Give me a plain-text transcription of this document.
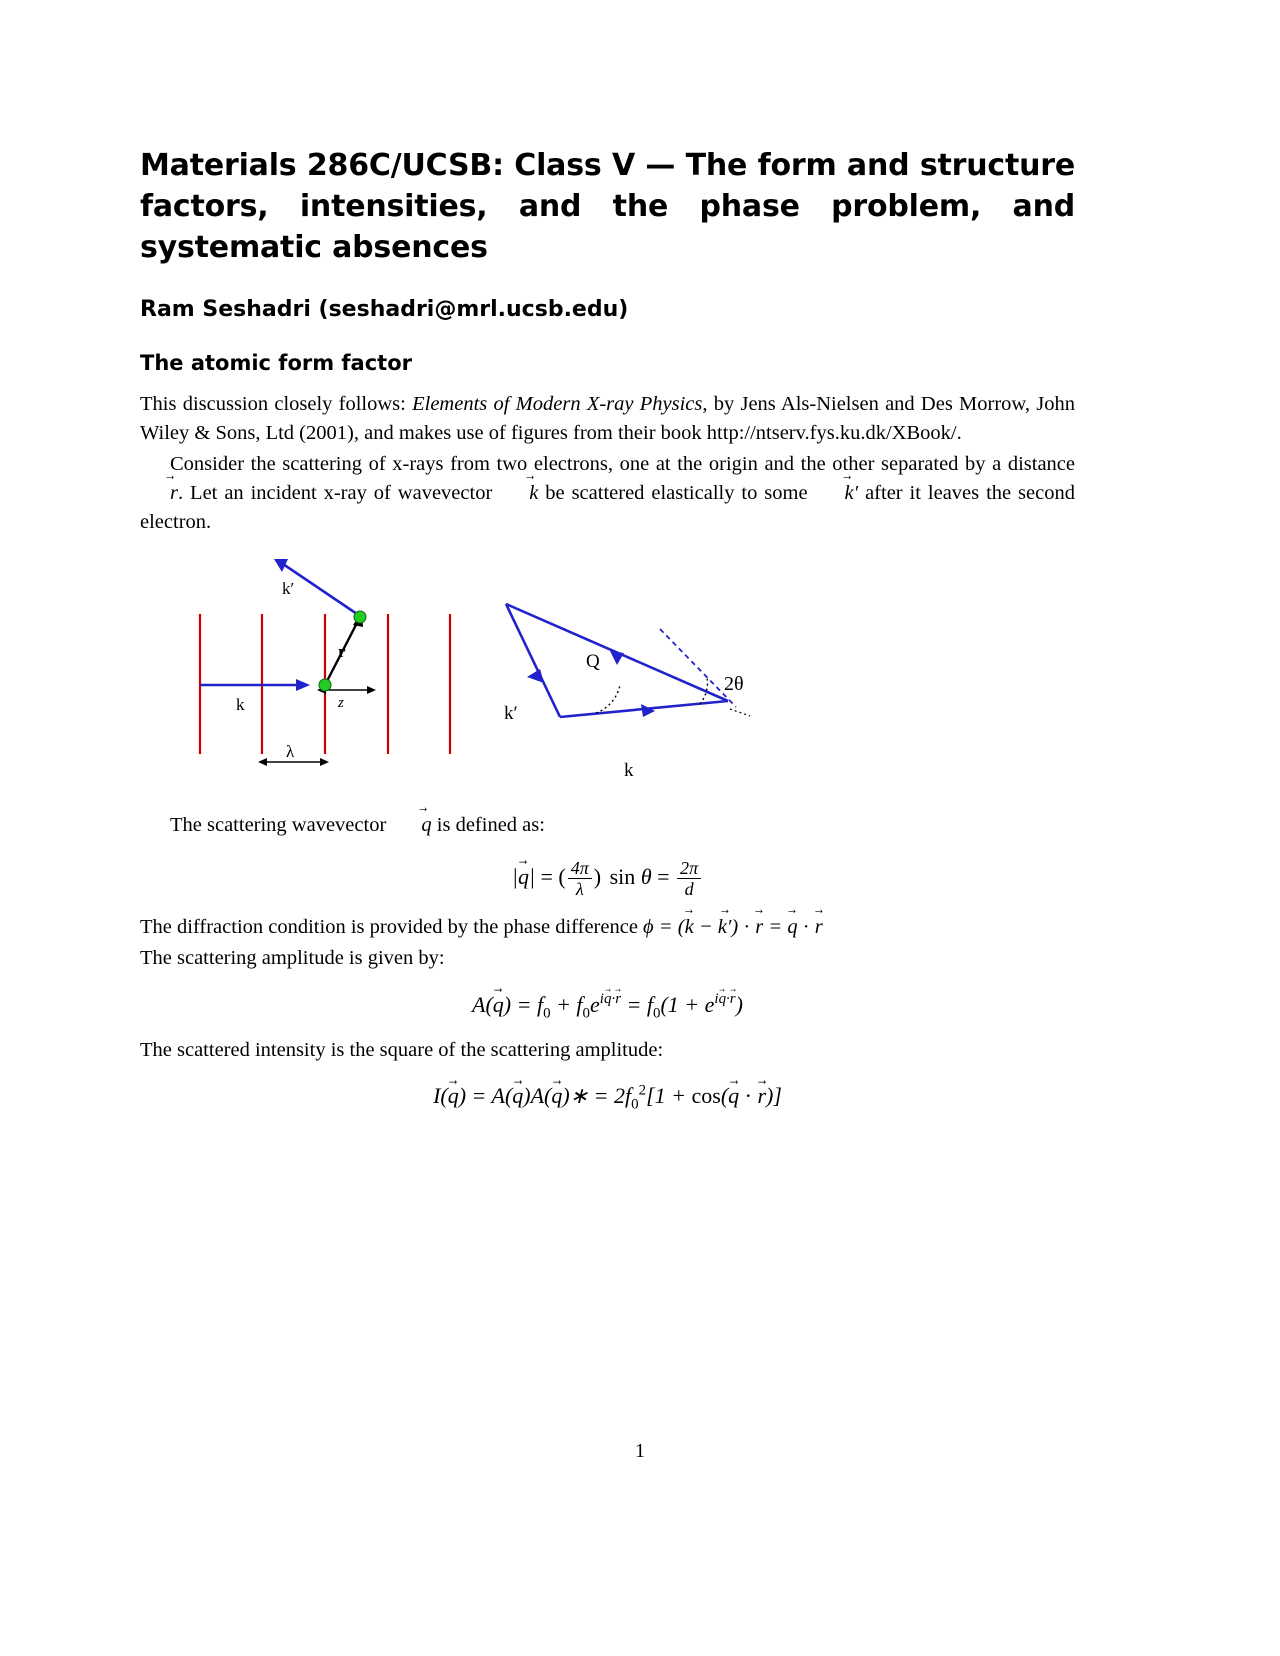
Materials 286C/UCSB: Class V — The form and structure factors, intensities, and the phase problem, and systematic absences
Ram Seshadri (seshadri@mrl.ucsb.edu)
The atomic form factor

This discussion closely follows: Elements of Modern X-ray Physics, by Jens Als-Nielsen and Des Morrow, John Wiley & Sons, Ltd (2001), and makes use of figures from their book http://ntserv.fys.ku.dk/XBook/.

Consider the scattering of x-rays from two electrons, one at the origin and the other separated by a distance r →. Let an incident x-ray of wavevector k → be scattered elastically to some k′ → after it leaves the second electron.

k′
k
r
z
λ
Q
k′
k
2θ

The scattering wavevector q → is defined as:

|q →| = ( $\frac{4\pi}{\lambda}$ ) $\sin \theta = \frac{2\pi}{d}$

The diffraction condition is provided by the phase difference ϕ = (k → − k′ →) · r → = q → · r →

The scattering amplitude is given by:

A(q →) = $f_0 + f_0e^{iq \to\cdot r}$ → = $f_0(1 + e^{iq \to\cdot r}$ →)

The scattered intensity is the square of the scattering amplitude:

I(q →) = A(q →)A(q →)∗ = $2f_0^2[1 + \cos(q$ → · r →)]
1
